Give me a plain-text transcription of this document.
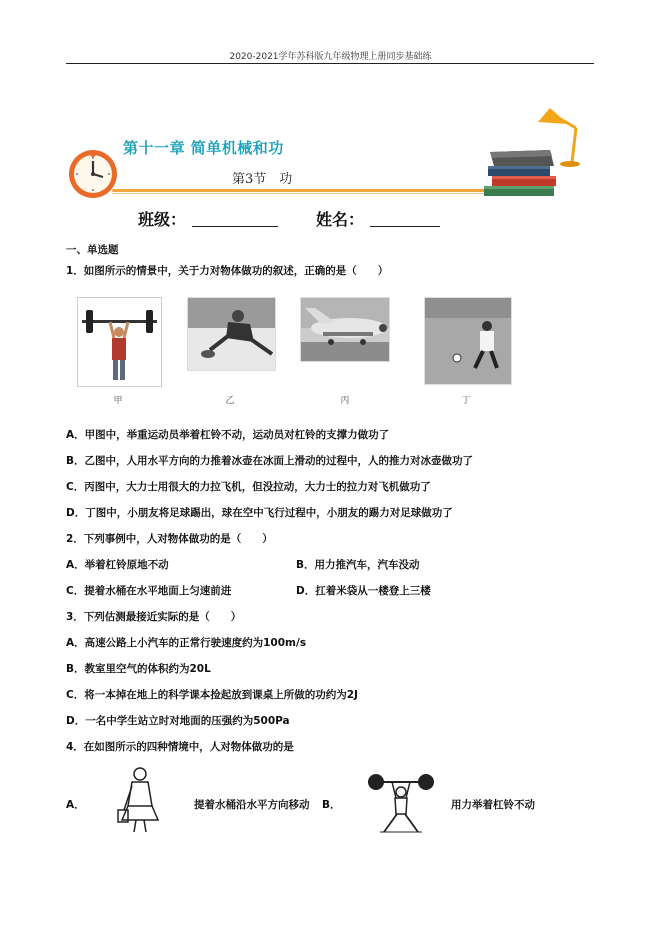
2020-2021学年苏科版九年级物理上册同步基础练
第十一章 简单机械和功
第3节　功
班级：	姓名：
一、单选题
1．如图所示的情景中，关于力对物体做功的叙述，正确的是（　　）
甲	乙	丙	丁
A．甲图中，举重运动员举着杠铃不动，运动员对杠铃的支撑力做功了
B．乙图中，人用水平方向的力推着冰壶在冰面上滑动的过程中，人的推力对冰壶做功了
C．丙图中，大力士用很大的力拉飞机，但没拉动，大力士的拉力对飞机做功了
D．丁图中，小朋友将足球踢出，球在空中飞行过程中，小朋友的踢力对足球做功了
2．下列事例中，人对物体做功的是（　　）
A．举着杠铃原地不动	B．用力推汽车，汽车没动
C．提着水桶在水平地面上匀速前进	D．扛着米袋从一楼登上三楼
3．下列估测最接近实际的是（　　）
A．高速公路上小汽车的正常行驶速度约为100m/s
B．教室里空气的体积约为20L
C．将一本掉在地上的科学课本捡起放到课桌上所做的功约为2J
D．一名中学生站立时对地面的压强约为500Pa
4．在如图所示的四种情境中，人对物体做功的是
A．	提着水桶沿水平方向移动 B．	用力举着杠铃不动
